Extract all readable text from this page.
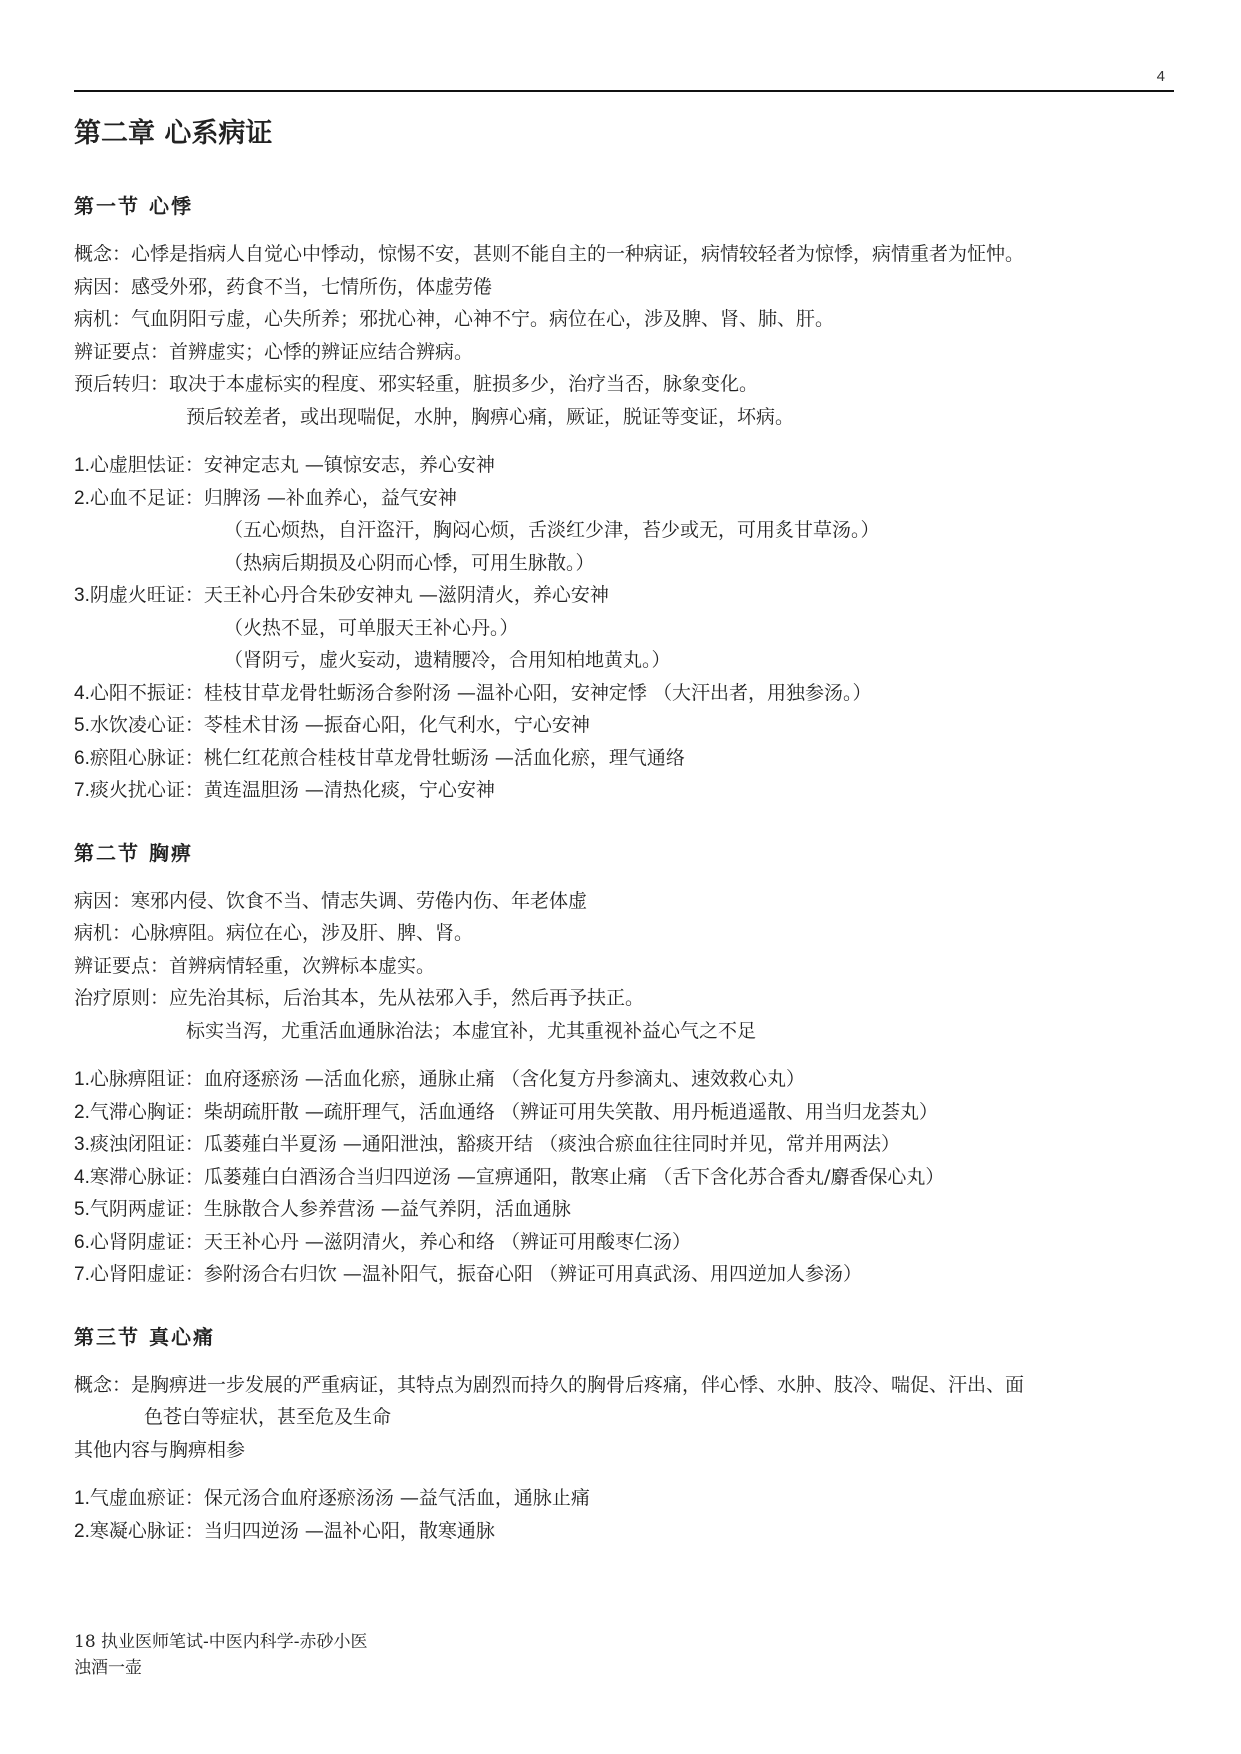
4
第二章 心系病证
第一节 心悸
概念：心悸是指病人自觉心中悸动，惊惕不安，甚则不能自主的一种病证，病情较轻者为惊悸，病情重者为怔忡。
病因：感受外邪，药食不当，七情所伤，体虚劳倦
病机：气血阴阳亏虚，心失所养；邪扰心神，心神不宁。病位在心，涉及脾、肾、肺、肝。
辨证要点：首辨虚实；心悸的辨证应结合辨病。
预后转归：取决于本虚标实的程度、邪实轻重，脏损多少，治疗当否，脉象变化。
预后较差者，或出现喘促，水肿，胸痹心痛，厥证，脱证等变证，坏病。
1.心虚胆怯证：安神定志丸 —镇惊安志，养心安神
2.心血不足证：归脾汤 —补血养心，益气安神
（五心烦热，自汗盗汗，胸闷心烦，舌淡红少津，苔少或无，可用炙甘草汤。）
（热病后期损及心阴而心悸，可用生脉散。）
3.阴虚火旺证：天王补心丹合朱砂安神丸 —滋阴清火，养心安神
（火热不显，可单服天王补心丹。）
（肾阴亏，虚火妄动，遗精腰冷，合用知柏地黄丸。）
4.心阳不振证：桂枝甘草龙骨牡蛎汤合参附汤 —温补心阳，安神定悸 （大汗出者，用独参汤。）
5.水饮凌心证：苓桂术甘汤 —振奋心阳，化气利水，宁心安神
6.瘀阻心脉证：桃仁红花煎合桂枝甘草龙骨牡蛎汤 —活血化瘀，理气通络
7.痰火扰心证：黄连温胆汤 —清热化痰，宁心安神
第二节 胸痹
病因：寒邪内侵、饮食不当、情志失调、劳倦内伤、年老体虚
病机：心脉痹阻。病位在心，涉及肝、脾、肾。
辨证要点：首辨病情轻重，次辨标本虚实。
治疗原则：应先治其标，后治其本，先从祛邪入手，然后再予扶正。
标实当泻，尤重活血通脉治法；本虚宜补，尤其重视补益心气之不足
1.心脉痹阻证：血府逐瘀汤 —活血化瘀，通脉止痛 （含化复方丹参滴丸、速效救心丸）
2.气滞心胸证：柴胡疏肝散 —疏肝理气，活血通络 （辨证可用失笑散、用丹栀逍遥散、用当归龙荟丸）
3.痰浊闭阻证：瓜蒌薤白半夏汤 —通阳泄浊，豁痰开结 （痰浊合瘀血往往同时并见，常并用两法）
4.寒滞心脉证：瓜蒌薤白白酒汤合当归四逆汤 —宣痹通阳，散寒止痛 （舌下含化苏合香丸/麝香保心丸）
5.气阴两虚证：生脉散合人参养营汤 —益气养阴，活血通脉
6.心肾阴虚证：天王补心丹 —滋阴清火，养心和络 （辨证可用酸枣仁汤）
7.心肾阳虚证：参附汤合右归饮 —温补阳气，振奋心阳 （辨证可用真武汤、用四逆加人参汤）
第三节 真心痛
概念：是胸痹进一步发展的严重病证，其特点为剧烈而持久的胸骨后疼痛，伴心悸、水肿、肢冷、喘促、汗出、面
色苍白等症状，甚至危及生命
其他内容与胸痹相参
1.气虚血瘀证：保元汤合血府逐瘀汤汤 —益气活血，通脉止痛
2.寒凝心脉证：当归四逆汤 —温补心阳，散寒通脉
18 执业医师笔试-中医内科学-赤砂小医
浊酒一壶
